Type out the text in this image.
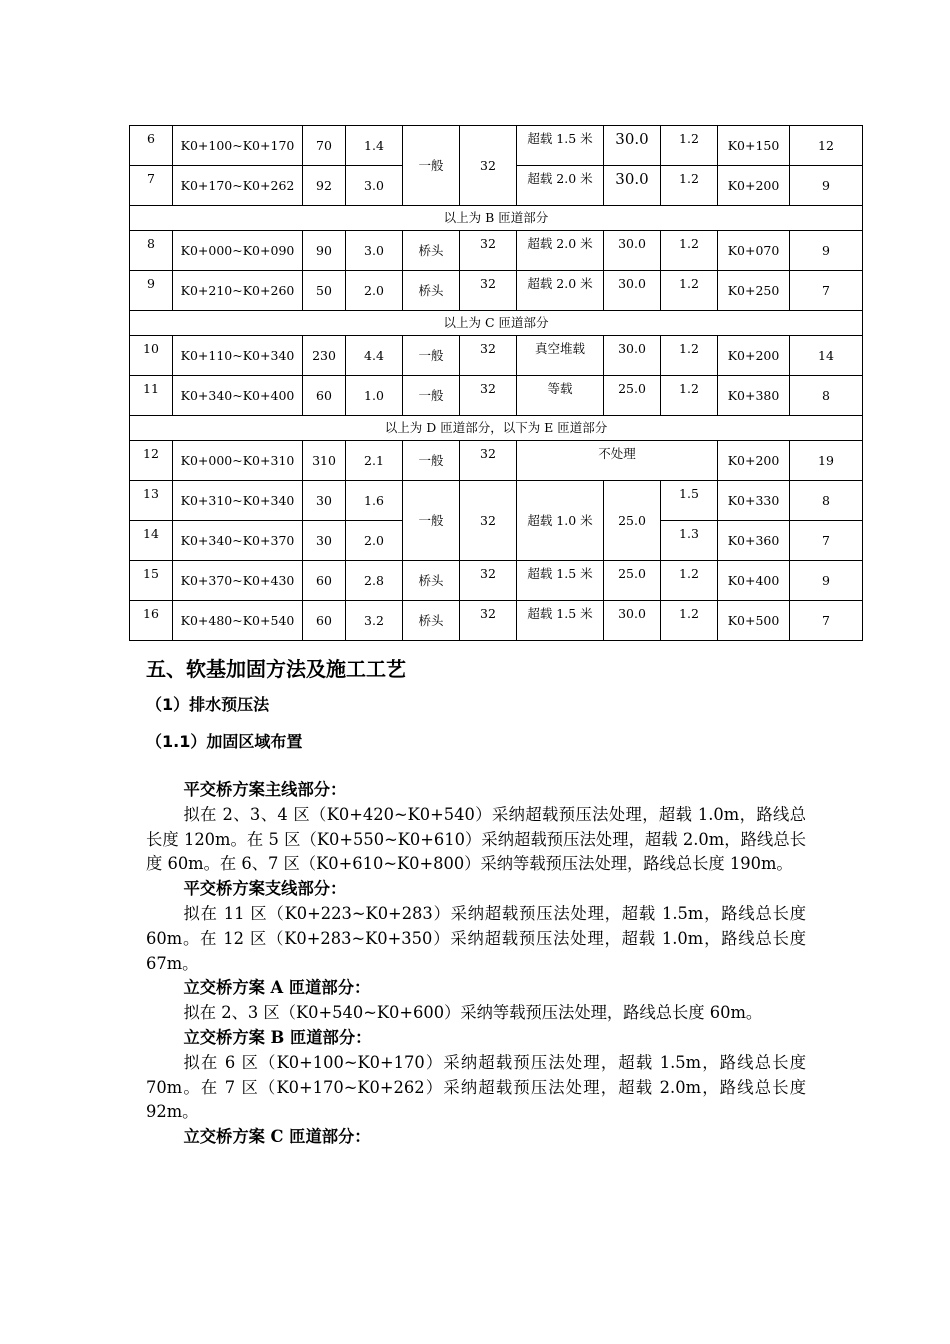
6	K0+100~K0+170	70	1.4	一般	32	超载 1.5 米	30.0	1.2	K0+150	12
7	K0+170~K0+262	92	3.0			超载 2.0 米	30.0	1.2	K0+200	9
以上为 B 匝道部分										
8	K0+000~K0+090	90	3.0	桥头	32	超载 2.0 米	30.0	1.2	K0+070	9
9	K0+210~K0+260	50	2.0	桥头	32	超载 2.0 米	30.0	1.2	K0+250	7
以上为 C 匝道部分										
10	K0+110~K0+340	230	4.4	一般	32	真空堆载	30.0	1.2	K0+200	14
11	K0+340~K0+400	60	1.0	一般	32	等载	25.0	1.2	K0+380	8
以上为 D 匝道部分，以下为 E 匝道部分										
12	K0+000~K0+310	310	2.1	一般	32	不处理			K0+200	19
13	K0+310~K0+340	30	1.6	一般	32	超载 1.0 米	25.0	1.5	K0+330	8
14	K0+340~K0+370	30	2.0					1.3	K0+360	7
15	K0+370~K0+430	60	2.8	桥头	32	超载 1.5 米	25.0	1.2	K0+400	9
16	K0+480~K0+540	60	3.2	桥头	32	超载 1.5 米	30.0	1.2	K0+500	7
五、软基加固方法及施工工艺
（1）排水预压法
（1.1）加固区域布置

平交桥方案主线部分：

拟在 2、3、4 区（K0+420~K0+540）采纳超载预压法处理，超载 1.0m，路线总长度 120m。在 5 区（K0+550~K0+610）采纳超载预压法处理，超载 2.0m，路线总长度 60m。在 6、7 区（K0+610~K0+800）采纳等载预压法处理，路线总长度 190m。

平交桥方案支线部分：

拟在 11 区（K0+223~K0+283）采纳超载预压法处理，超载 1.5m，路线总长度 60m。在 12 区（K0+283~K0+350）采纳超载预压法处理，超载 1.0m，路线总长度 67m。

立交桥方案 A 匝道部分：

拟在 2、3 区（K0+540~K0+600）采纳等载预压法处理，路线总长度 60m。

立交桥方案 B 匝道部分：

拟在 6 区（K0+100~K0+170）采纳超载预压法处理，超载 1.5m，路线总长度 70m。在 7 区（K0+170~K0+262）采纳超载预压法处理，超载 2.0m，路线总长度 92m。

立交桥方案 C 匝道部分：
